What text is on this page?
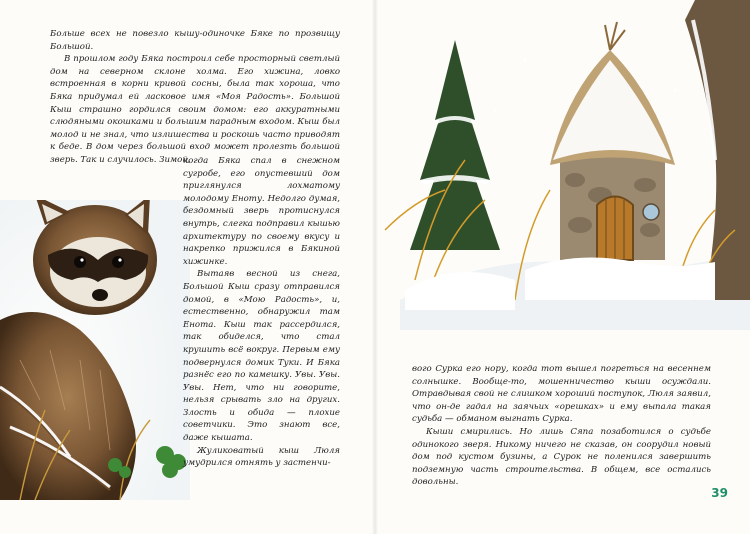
Больше всех не повезло кышу-одиночке Бяке по прозвищу Большой.

В прошлом году Бяка построил себе просторный светлый дом на северном склоне холма. Его хижина, ловко встроенная в корни кривой сосны, была так хороша, что Бяка придумал ей ласковое имя «Моя Радость». Большой Кыш страшно гордился своим домом: его аккуратными слюдяными окошками и большим парадным входом. Кыш был молод и не знал, что излишества и роскошь часто приводят к беде. В дом через большой вход может пролезть большой зверь. Так и случилось. Зимой,

когда Бяка спал в снежном сугробе, его опустевший дом приглянулся лохматому молодому Еноту. Недолго думая, бездомный зверь протиснулся внутрь, слегка подправил кышью архитектуру по своему вкусу и накрепко прижился в Бякиной хижинке.

Вытаяв весной из снега, Большой Кыш сразу отправился домой, в «Мою Радость», и, естественно, обнаружил там Енота. Кыш так рассердился, так обиделся, что стал крушить всё вокруг. Первым ему подвернулся домик Туки. И Бяка разнёс его по камешку. Увы. Увы. Увы. Нет, что ни говорите, нельзя срывать зло на других. Злость и обида — плохие советчики. Это знают все, даже кышата.

Жуликоватый кыш Люля умудрился отнять у застенчи-

вого Сурка его нору, когда тот вышел погреться на весеннем солнышке. Вообще-то, мошенничество кыши осуждали. Отравдывая свой не слишком хороший поступок, Люля заявил, что он-де гадал на заячьих «орешках» и ему выпала такая судьба — обманом выгнать Сурка.

Кыши смирились. Но лишь Сяпа позаботился о судьбе одинокого зверя. Никому ничего не сказав, он соорудил новый дом под кустом бузины, а Сурок не поленился завершить подземную часть строительства. В общем, все остались довольны.

39
